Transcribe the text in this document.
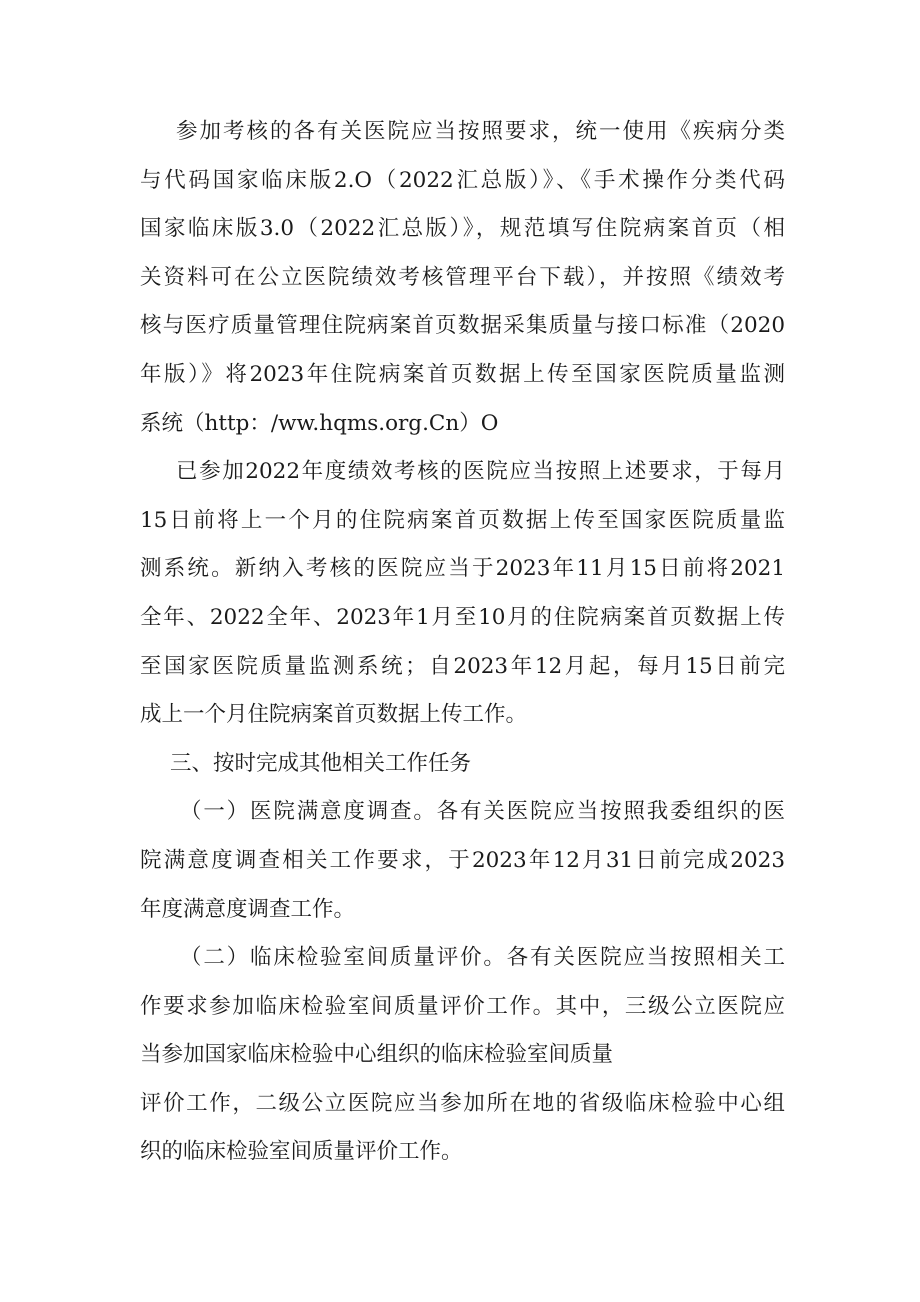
参加考核的各有关医院应当按照要求，统一使用《疾病分类
与代码国家临床版2.O（2022汇总版）》、《手术操作分类代码
国家临床版3.0（2022汇总版）》，规范填写住院病案首页（相
关资料可在公立医院绩效考核管理平台下载），并按照《绩效考
核与医疗质量管理住院病案首页数据采集质量与接口标准（2020
年版）》将2023年住院病案首页数据上传至国家医院质量监测
系统（http：/ww.hqms.org.Cn）O
已参加2022年度绩效考核的医院应当按照上述要求，于每月
15日前将上一个月的住院病案首页数据上传至国家医院质量监
测系统。新纳入考核的医院应当于2023年11月15日前将2021
全年、2022全年、2023年1月至10月的住院病案首页数据上传
至国家医院质量监测系统；自2023年12月起，每月15日前完
成上一个月住院病案首页数据上传工作。
三、按时完成其他相关工作任务
（一）医院满意度调查。各有关医院应当按照我委组织的医
院满意度调查相关工作要求，于2023年12月31日前完成2023
年度满意度调查工作。
（二）临床检验室间质量评价。各有关医院应当按照相关工
作要求参加临床检验室间质量评价工作。其中，三级公立医院应
当参加国家临床检验中心组织的临床检验室间质量
评价工作，二级公立医院应当参加所在地的省级临床检验中心组
织的临床检验室间质量评价工作。
